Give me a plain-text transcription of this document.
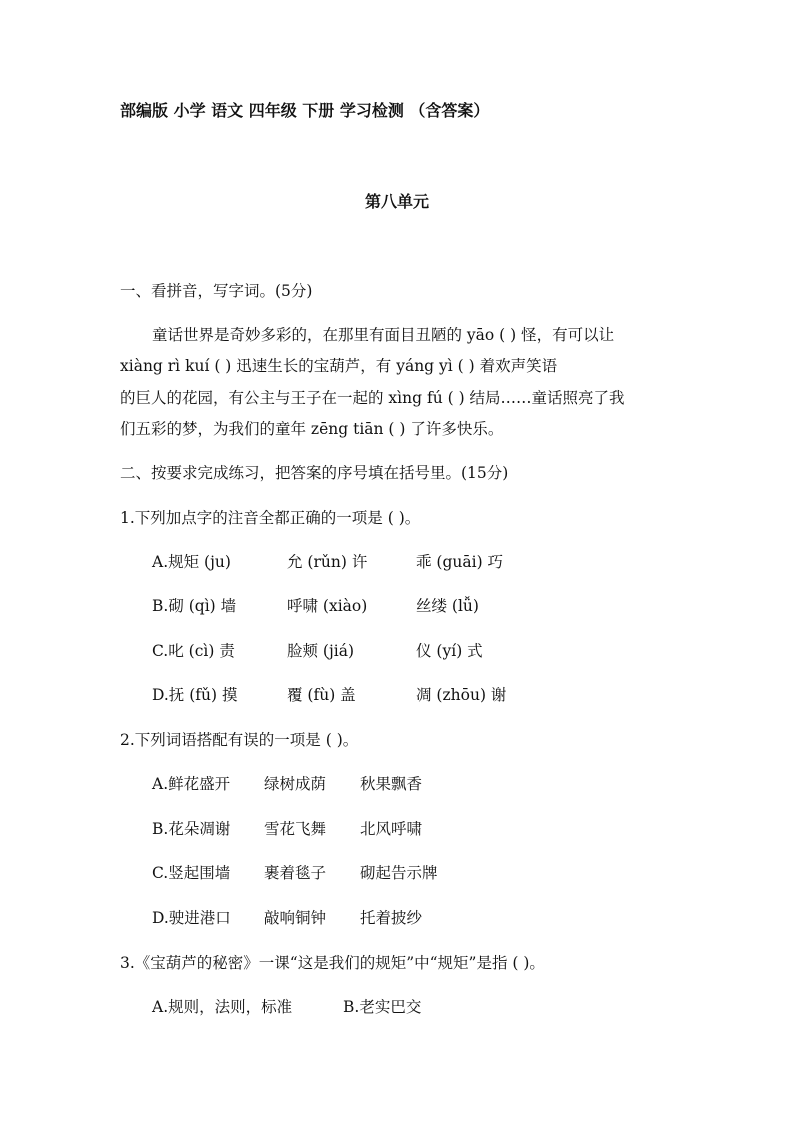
部编版 小学 语文 四年级 下册 学习检测 （含答案）
第八单元
一、看拼音，写字词。(5分)
童话世界是奇妙多彩的，在那里有面目丑陋的 yāo ( ) 怪，有可以让
xiàng rì kuí ( ) 迅速生长的宝葫芦，有 yáng yì ( ) 着欢声笑语
的巨人的花园，有公主与王子在一起的 xìng fú ( ) 结局……童话照亮了我
们五彩的梦，为我们的童年 zēng tiān ( ) 了许多快乐。
二、按要求完成练习，把答案的序号填在括号里。(15分)
1.下列加点字的注音全都正确的一项是 ( )。
A.规矩 (ju)	允 (rǔn) 许	乖 (guāi) 巧
B.砌 (qì) 墙	呼啸 (xiào)	丝缕 (lǚ)
C.叱 (cì) 责	脸颊 (jiá)	仪 (yí) 式
D.抚 (fǔ) 摸	覆 (fù) 盖	凋 (zhōu) 谢
2.下列词语搭配有误的一项是 ( )。
A.鲜花盛开 绿树成荫 秋果飘香
B.花朵凋谢 雪花飞舞 北风呼啸
C.竖起围墙 裹着毯子 砌起告示牌
D.驶进港口 敲响铜钟 托着披纱
3.《宝葫芦的秘密》一课“这是我们的规矩”中“规矩”是指 ( )。
A.规则，法则，标准	B.老实巴交
